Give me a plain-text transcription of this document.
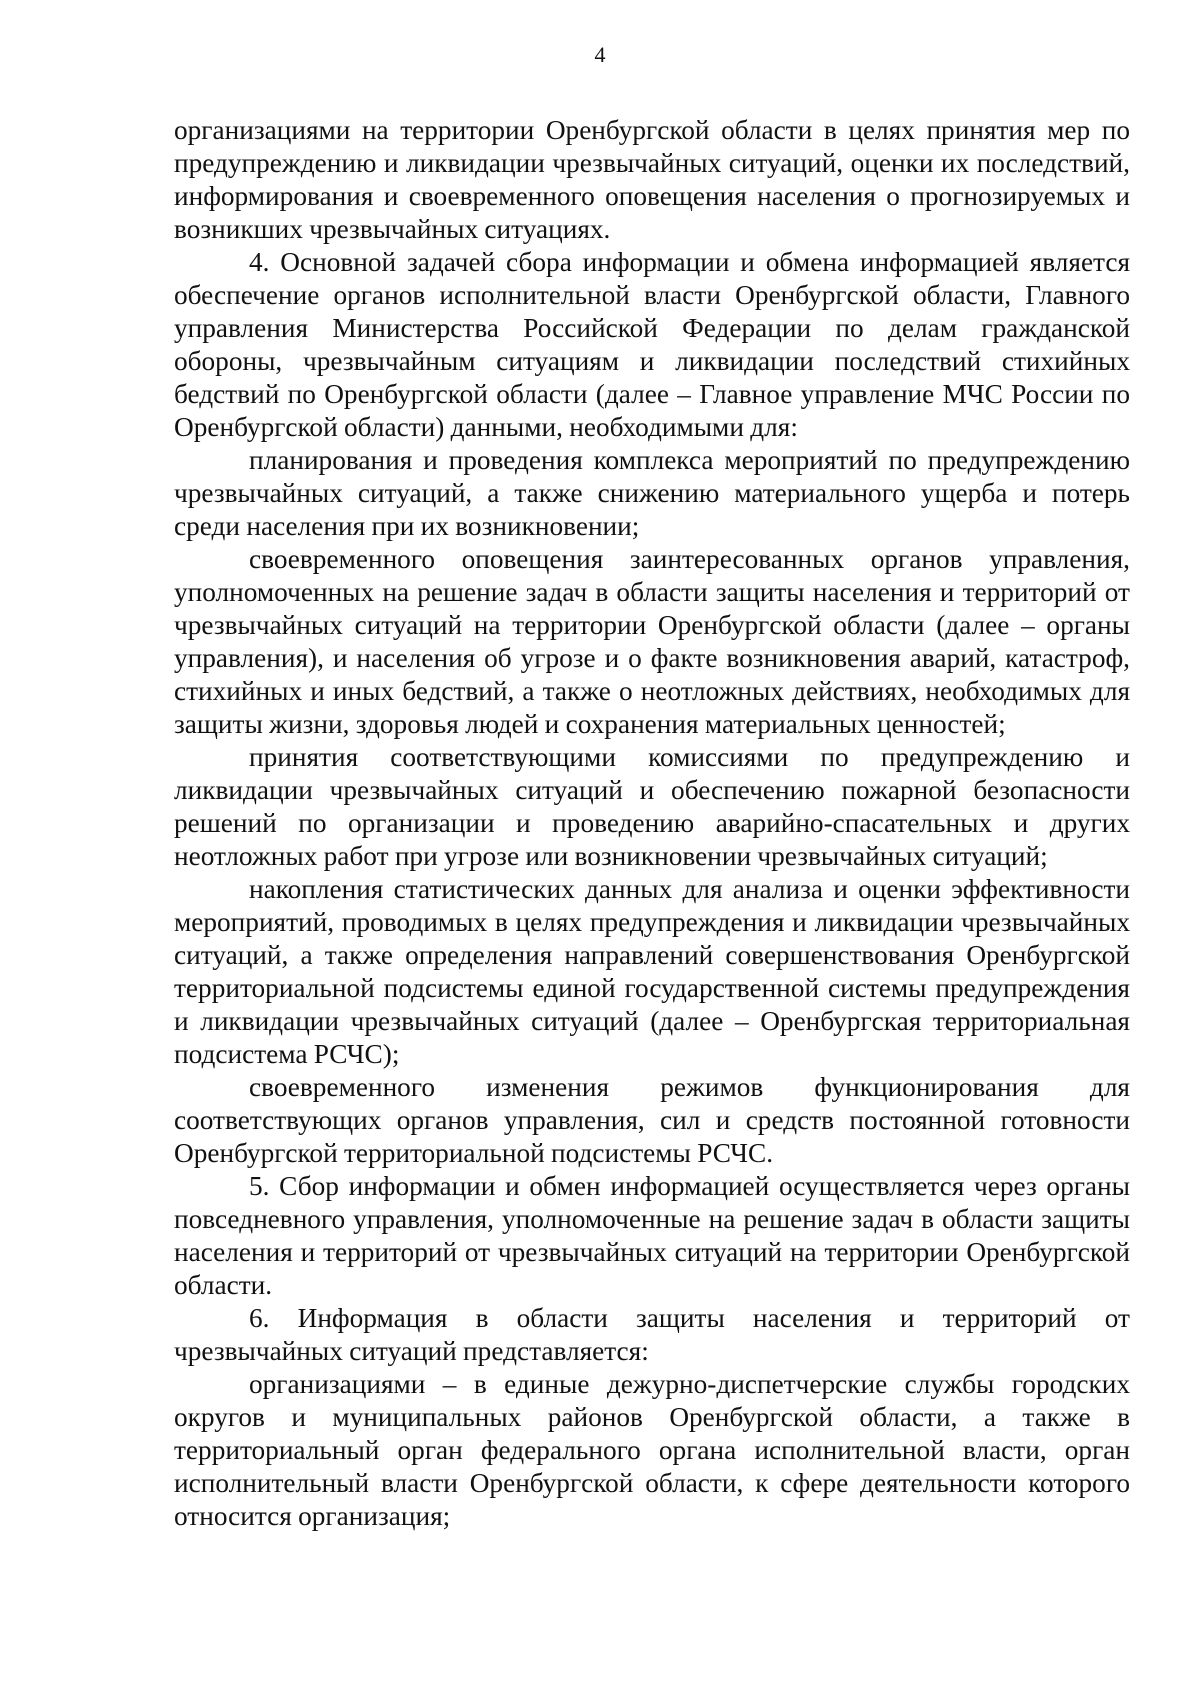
4

организациями на территории Оренбургской области в целях принятия мер по предупреждению и ликвидации чрезвычайных ситуаций, оценки их последствий, информирования и своевременного оповещения населения о прогнозируемых и возникших чрезвычайных ситуациях.

4. Основной задачей сбора информации и обмена информацией является обеспечение органов исполнительной власти Оренбургской области, Главного управления Министерства Российской Федерации по делам гражданской обороны, чрезвычайным ситуациям и ликвидации последствий стихийных бедствий по Оренбургской области (далее – Главное управление МЧС России по Оренбургской области) данными, необходимыми для:

планирования и проведения комплекса мероприятий по предупреждению чрезвычайных ситуаций, а также снижению материального ущерба и потерь среди населения при их возникновении;

своевременного оповещения заинтересованных органов управления, уполномоченных на решение задач в области защиты населения и территорий от чрезвычайных ситуаций на территории Оренбургской области (далее – органы управления), и населения об угрозе и о факте возникновения аварий, катастроф, стихийных и иных бедствий, а также о неотложных действиях, необходимых для защиты жизни, здоровья людей и сохранения материальных ценностей;

принятия соответствующими комиссиями по предупреждению и ликвидации чрезвычайных ситуаций и обеспечению пожарной безопасности решений по организации и проведению аварийно-спасательных и других неотложных работ при угрозе или возникновении чрезвычайных ситуаций;

накопления статистических данных для анализа и оценки эффективности мероприятий, проводимых в целях предупреждения и ликвидации чрезвычайных ситуаций, а также определения направлений совершенствования Оренбургской территориальной подсистемы единой государственной системы предупреждения и ликвидации чрезвычайных ситуаций (далее – Оренбургская территориальная подсистема РСЧС);

своевременного изменения режимов функционирования для соответствующих органов управления, сил и средств постоянной готовности Оренбургской территориальной подсистемы РСЧС.

5. Сбор информации и обмен информацией осуществляется через органы повседневного управления, уполномоченные на решение задач в области защиты населения и территорий от чрезвычайных ситуаций на территории Оренбургской области.

6. Информация в области защиты населения и территорий от чрезвычайных ситуаций представляется:

организациями – в единые дежурно-диспетчерские службы городских округов и муниципальных районов Оренбургской области, а также в территориальный орган федерального органа исполнительной власти, орган исполнительный власти Оренбургской области, к сфере деятельности которого относится организация;
